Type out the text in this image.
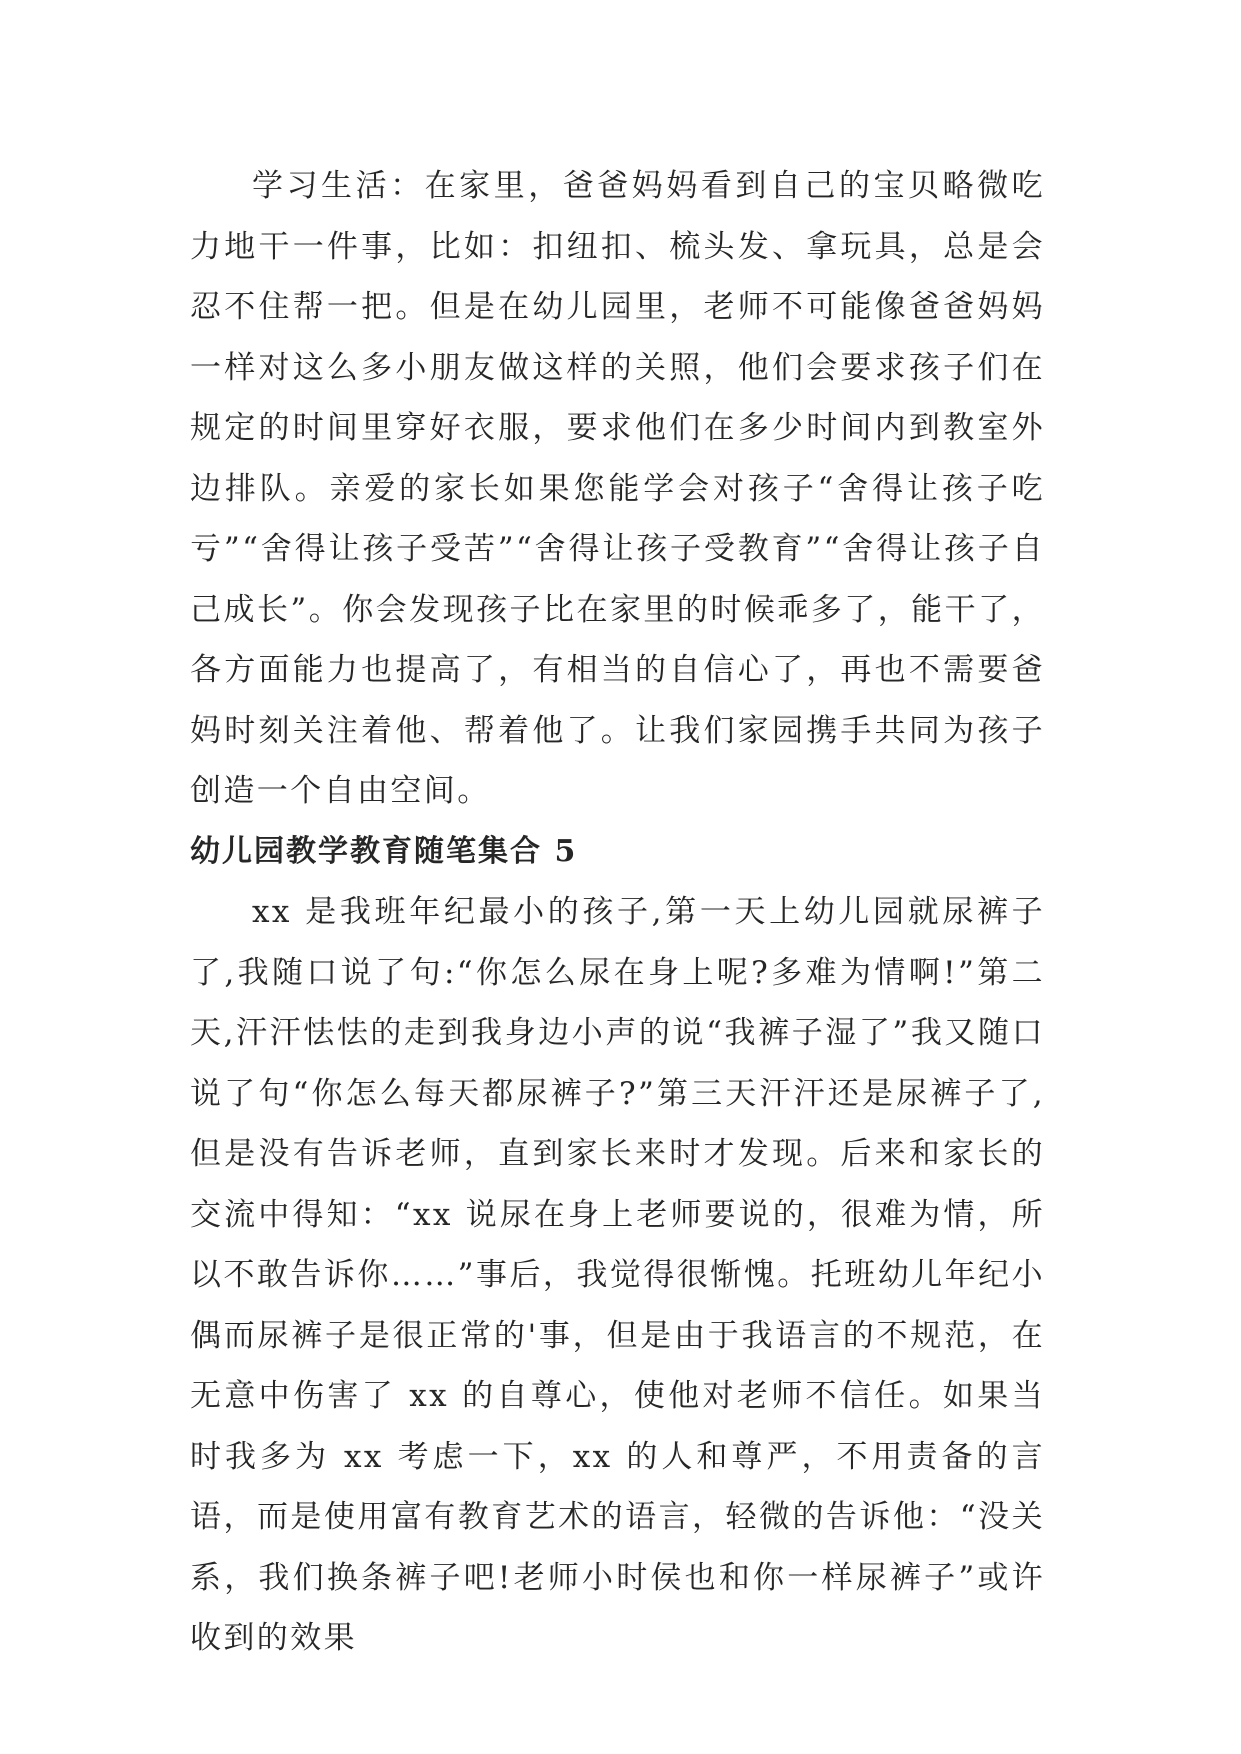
学习生活：在家里，爸爸妈妈看到自己的宝贝略微吃力地干一件事，比如：扣纽扣、梳头发、拿玩具，总是会忍不住帮一把。但是在幼儿园里，老师不可能像爸爸妈妈一样对这么多小朋友做这样的关照，他们会要求孩子们在规定的时间里穿好衣服，要求他们在多少时间内到教室外边排队。亲爱的家长如果您能学会对孩子“舍得让孩子吃亏”“舍得让孩子受苦”“舍得让孩子受教育”“舍得让孩子自己成长”。你会发现孩子比在家里的时候乖多了，能干了，各方面能力也提高了，有相当的自信心了，再也不需要爸妈时刻关注着他、帮着他了。让我们家园携手共同为孩子创造一个自由空间。

幼儿园教学教育随笔集合 5

xx 是我班年纪最小的孩子,第一天上幼儿园就尿裤子了,我随口说了句:“你怎么尿在身上呢?多难为情啊!”第二天,汗汗怯怯的走到我身边小声的说“我裤子湿了”我又随口说了句“你怎么每天都尿裤子?”第三天汗汗还是尿裤子了,但是没有告诉老师，直到家长来时才发现。后来和家长的交流中得知：“xx 说尿在身上老师要说的，很难为情，所以不敢告诉你……”事后，我觉得很惭愧。托班幼儿年纪小偶而尿裤子是很正常的'事，但是由于我语言的不规范，在无意中伤害了 xx 的自尊心，使他对老师不信任。如果当时我多为 xx 考虑一下，xx 的人和尊严，不用责备的言语，而是使用富有教育艺术的语言，轻微的告诉他：“没关系，我们换条裤子吧!老师小时侯也和你一样尿裤子”或许收到的效果
